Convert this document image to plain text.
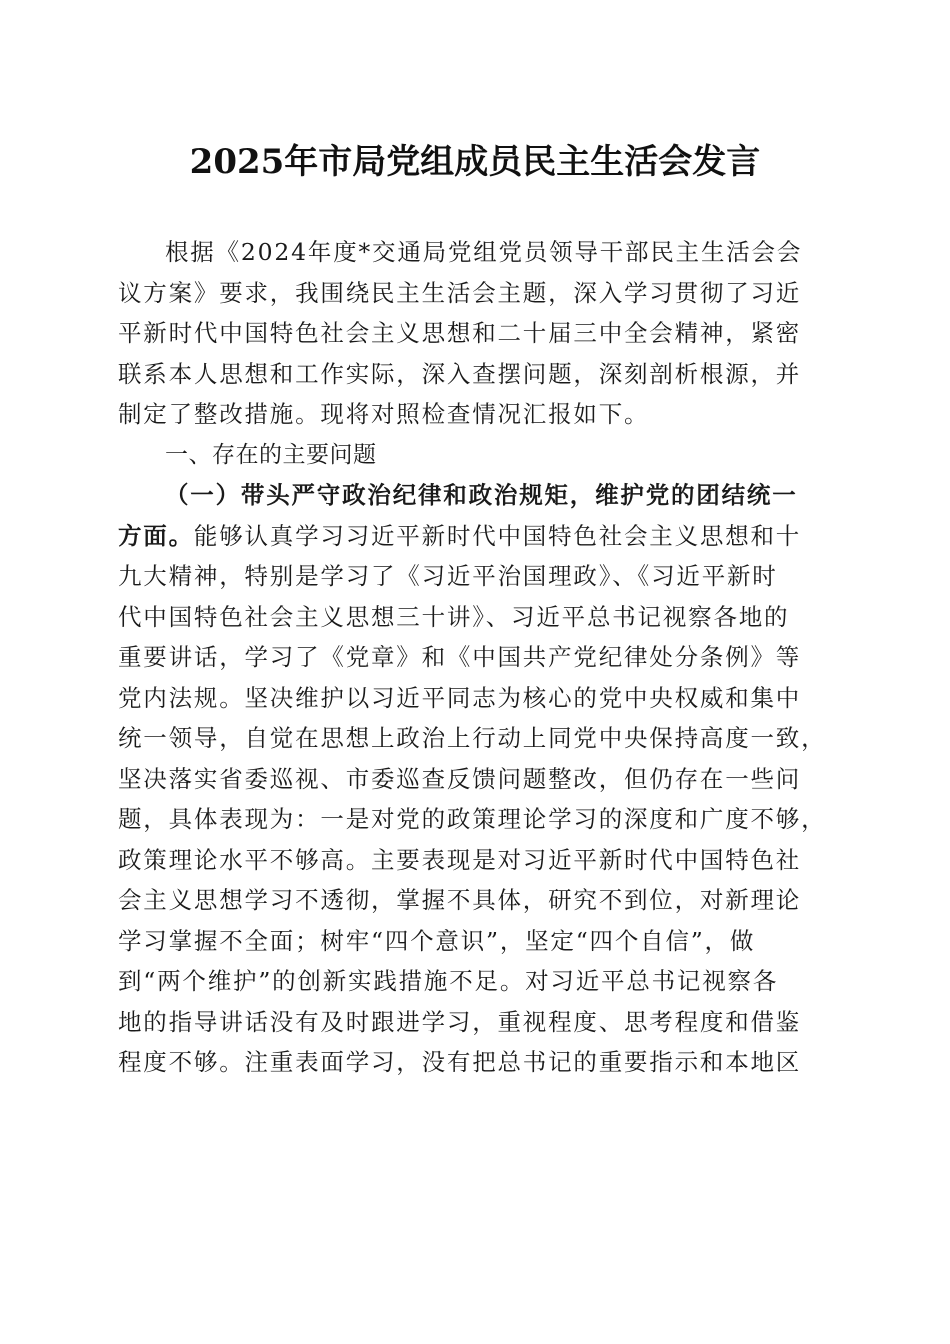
2025年市局党组成员民主生活会发言
根据《2024年度*交通局党组党员领导干部民主生活会会
议方案》要求，我围绕民主生活会主题，深入学习贯彻了习近
平新时代中国特色社会主义思想和二十届三中全会精神，紧密
联系本人思想和工作实际，深入查摆问题，深刻剖析根源，并
制定了整改措施。现将对照检查情况汇报如下。
一、存在的主要问题
（一）带头严守政治纪律和政治规矩，维护党的团结统一
方面。能够认真学习习近平新时代中国特色社会主义思想和十
九大精神，特别是学习了《习近平治国理政》、《习近平新时
代中国特色社会主义思想三十讲》、习近平总书记视察各地的
重要讲话，学习了《党章》和《中国共产党纪律处分条例》等
党内法规。坚决维护以习近平同志为核心的党中央权威和集中
统一领导，自觉在思想上政治上行动上同党中央保持高度一致，
坚决落实省委巡视、市委巡查反馈问题整改，但仍存在一些问
题，具体表现为：一是对党的政策理论学习的深度和广度不够，
政策理论水平不够高。主要表现是对习近平新时代中国特色社
会主义思想学习不透彻，掌握不具体，研究不到位，对新理论
学习掌握不全面；树牢“四个意识”，坚定“四个自信”，做
到“两个维护”的创新实践措施不足。对习近平总书记视察各
地的指导讲话没有及时跟进学习，重视程度、思考程度和借鉴
程度不够。注重表面学习，没有把总书记的重要指示和本地区
